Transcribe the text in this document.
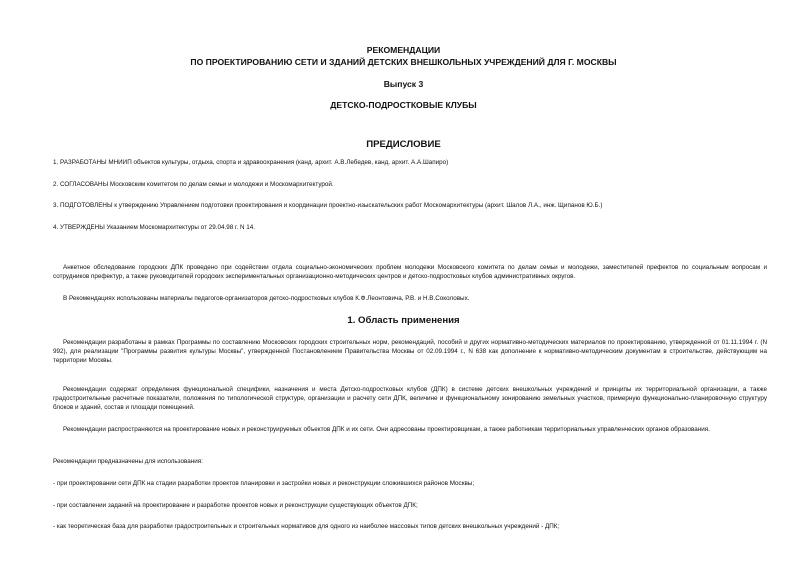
РЕКОМЕНДАЦИИ
ПО ПРОЕКТИРОВАНИЮ СЕТИ И ЗДАНИЙ ДЕТСКИХ ВНЕШКОЛЬНЫХ УЧРЕЖДЕНИЙ ДЛЯ Г. МОСКВЫ
Выпуск 3
ДЕТСКО-ПОДРОСТКОВЫЕ КЛУБЫ
ПРЕДИСЛОВИЕ
1. РАЗРАБОТАНЫ МНИИП объектов культуры, отдыха, спорта и здравоохранения (канд. архит. А.В.Лебедев, канд. архит. А.А.Шапиро)
2. СОГЛАСОВАНЫ Московским комитетом по делам семьи и молодежи и Москомархитектурой.
3. ПОДГОТОВЛЕНЫ к утверждению Управлением подготовки проектирования и координации проектно-изыскательских работ Москомархитектуры (архит. Шалов Л.А., инж. Щипанов Ю.Б.)
4. УТВЕРЖДЕНЫ Указанием Москомархитектуры от 29.04.98 г. N 14.
Анкетное обследование городских ДПК проведено при содействии отдела социально-экономических проблем молодежи Московского комитета по делам семьи и молодежи, заместителей префектов по социальным вопросам и сотрудников префектур, а также руководителей городских экспериментальных организационно-методических центров и детско-подростковых клубов административных округов.
В Рекомендациях использованы материалы педагогов-организаторов детско-подростковых клубов К.Ф.Леонтовича, Р.В. и Н.В.Соколовых.
1. Область применения
Рекомендации разработаны в рамках Программы по составлению Московских городских строительных норм, рекомендаций, пособий и других нормативно-методических материалов по проектированию, утвержденной от 01.11.1994 г. (N 992), для реализации "Программы развития культуры Москвы", утвержденной Постановлением Правительства Москвы от 02.09.1994 г., N 638 как дополнение к нормативно-методическим документам в строительстве, действующим на территории Москвы.
Рекомендации содержат определения функциональной специфики, назначения и места Детско-подростковых клубов (ДПК) в системе детских внешкольных учреждений и принципы их территориальной организации, а также градостроительные расчетные показатели, положения по типологической структуре, организации и расчету сети ДПК, величине и функциональному зонированию земельных участков, примерную функционально-планировочную структуру блоков и зданий, состав и площади помещений.
Рекомендации распространяются на проектирование новых и реконструируемых объектов ДПК и их сети. Они адресованы проектировщикам, а также работникам территориальных управленческих органов образования.
Рекомендации предназначены для использования:
- при проектировании сети ДПК на стадии разработки проектов планировки и застройки новых и реконструкции сложившихся районов Москвы;
- при составлении заданий на проектирование и разработке проектов новых и реконструкции существующих объектов ДПК;
- как теоретическая база для разработки градостроительных и строительных нормативов для одного из наиболее массовых типов детских внешкольных учреждений - ДПК;
